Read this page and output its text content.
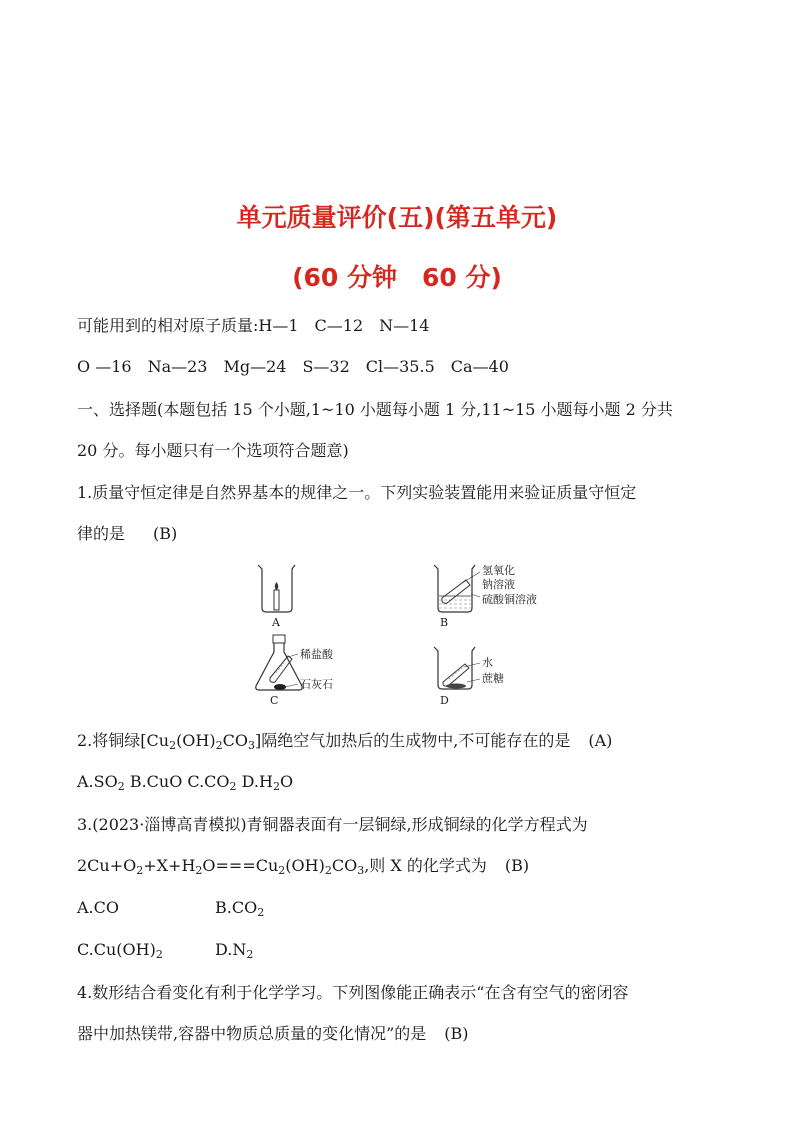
单元质量评价(五)(第五单元)
(60 分钟　60 分)
可能用到的相对原子质量:H—1　C—12　N—14
O —16　Na—23　Mg—24　S—32　Cl—35.5　Ca—40
一、选择题(本题包括 15 个小题,1~10 小题每小题 1 分,11~15 小题每小题 2 分共
20 分。每小题只有一个选项符合题意)
1.质量守恒定律是自然界基本的规律之一。下列实验装置能用来验证质量守恒定
律的是 (B)
A
氢氧化
钠溶液
硫酸铜溶液
B
稀盐酸
石灰石
C
水
蔗糖
D
2.将铜绿$[Cu_2(OH)_2CO_3]$隔绝空气加热后的生成物中,不可能存在的是 (A)
$A.SO_2$ B.CuO $C.CO_2$ $D.H_2O$
3.(2023·淄博高青模拟)青铜器表面有一层铜绿,形成铜绿的化学方程式为
$2Cu+O_2+X+H_2O===Cu_2(OH)_2CO_3$,则 X 的化学式为 (B)
A.CO	$B.CO_2$
$C.Cu(OH)_2$	$D.N_2$
4.数形结合看变化有利于化学学习。下列图像能正确表示“在含有空气的密闭容
器中加热镁带,容器中物质总质量的变化情况”的是 (B)
